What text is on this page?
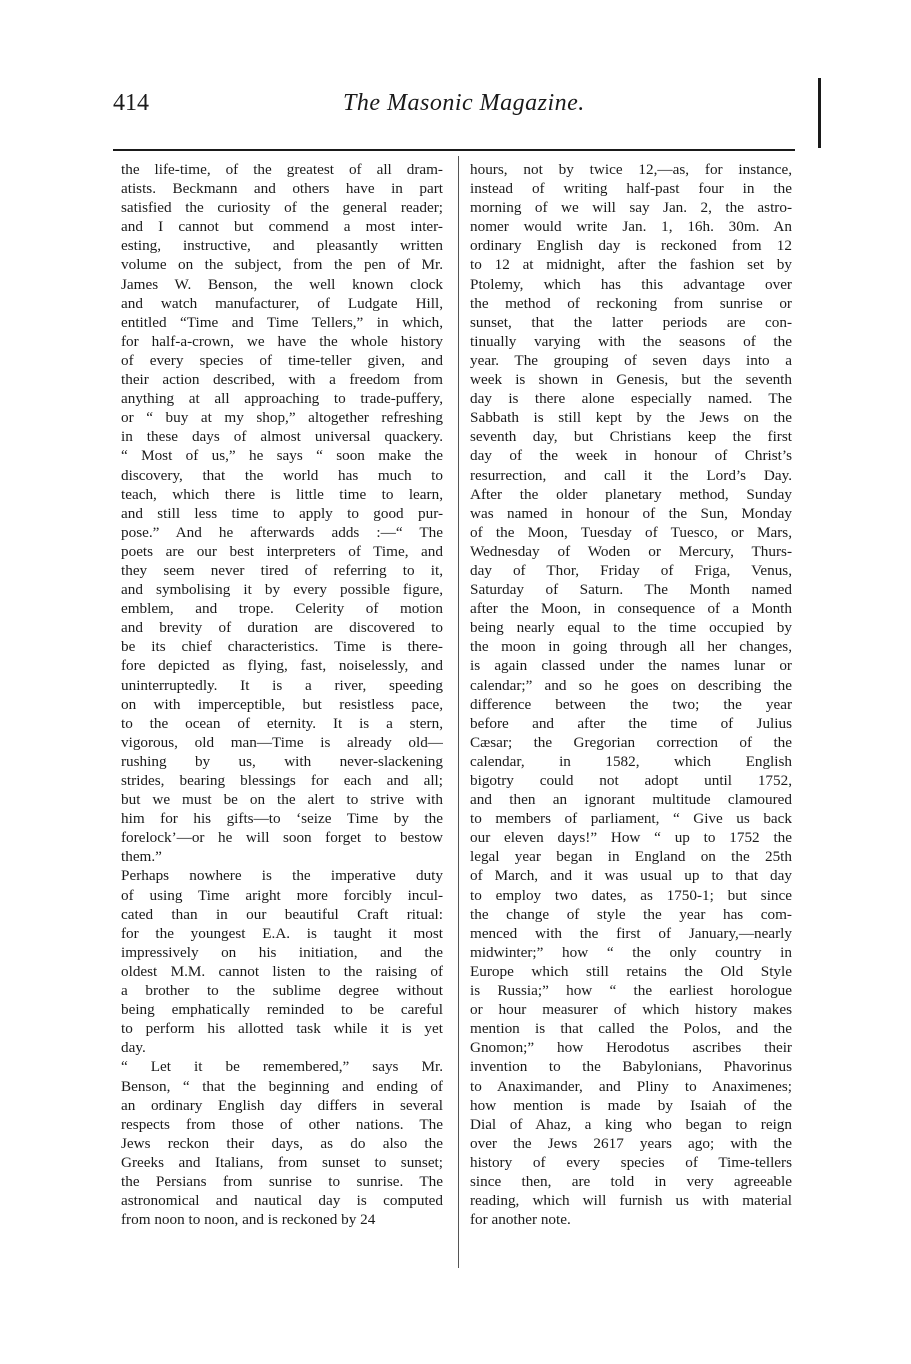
414	The Masonic Magazine.
the life-time, of the greatest of all dram-
atists. Beckmann and others have in part
satisfied the curiosity of the general reader;
and I cannot but commend a most inter-
esting, instructive, and pleasantly written
volume on the subject, from the pen of Mr.
James W. Benson, the well known clock
and watch manufacturer, of Ludgate Hill,
entitled “Time and Time Tellers,” in which,
for half-a-crown, we have the whole history
of every species of time-teller given, and
their action described, with a freedom from
anything at all approaching to trade-puffery,
or “ buy at my shop,” altogether refreshing
in these days of almost universal quackery.
“ Most of us,” he says “ soon make the
discovery, that the world has much to
teach, which there is little time to learn,
and still less time to apply to good pur-
pose.” And he afterwards adds :—“ The
poets are our best interpreters of Time, and
they seem never tired of referring to it,
and symbolising it by every possible figure,
emblem, and trope. Celerity of motion
and brevity of duration are discovered to
be its chief characteristics. Time is there-
fore depicted as flying, fast, noiselessly, and
uninterruptedly. It is a river, speeding
on with imperceptible, but resistless pace,
to the ocean of eternity. It is a stern,
vigorous, old man—Time is already old—
rushing by us, with never-slackening
strides, bearing blessings for each and all;
but we must be on the alert to strive with
him for his gifts—to ‘seize Time by the
forelock’—or he will soon forget to bestow
them.”
Perhaps nowhere is the imperative duty
of using Time aright more forcibly incul-
cated than in our beautiful Craft ritual:
for the youngest E.A. is taught it most
impressively on his initiation, and the
oldest M.M. cannot listen to the raising of
a brother to the sublime degree without
being emphatically reminded to be careful
to perform his allotted task while it is yet
day.
“ Let it be remembered,” says Mr.
Benson, “ that the beginning and ending of
an ordinary English day differs in several
respects from those of other nations. The
Jews reckon their days, as do also the
Greeks and Italians, from sunset to sunset;
the Persians from sunrise to sunrise. The
astronomical and nautical day is computed
from noon to noon, and is reckoned by 24
hours, not by twice 12,—as, for instance,
instead of writing half-past four in the
morning of we will say Jan. 2, the astro-
nomer would write Jan. 1, 16h. 30m. An
ordinary English day is reckoned from 12
to 12 at midnight, after the fashion set by
Ptolemy, which has this advantage over
the method of reckoning from sunrise or
sunset, that the latter periods are con-
tinually varying with the seasons of the
year. The grouping of seven days into a
week is shown in Genesis, but the seventh
day is there alone especially named. The
Sabbath is still kept by the Jews on the
seventh day, but Christians keep the first
day of the week in honour of Christ’s
resurrection, and call it the Lord’s Day.
After the older planetary method, Sunday
was named in honour of the Sun, Monday
of the Moon, Tuesday of Tuesco, or Mars,
Wednesday of Woden or Mercury, Thurs-
day of Thor, Friday of Friga, Venus,
Saturday of Saturn. The Month named
after the Moon, in consequence of a Month
being nearly equal to the time occupied by
the moon in going through all her changes,
is again classed under the names lunar or
calendar;” and so he goes on describing the
difference between the two; the year
before and after the time of Julius
Cæsar; the Gregorian correction of the
calendar, in 1582, which English
bigotry could not adopt until 1752,
and then an ignorant multitude clamoured
to members of parliament, “ Give us back
our eleven days!” How “ up to 1752 the
legal year began in England on the 25th
of March, and it was usual up to that day
to employ two dates, as 1750-1; but since
the change of style the year has com-
menced with the first of January,—nearly
midwinter;” how “ the only country in
Europe which still retains the Old Style
is Russia;” how “ the earliest horologue
or hour measurer of which history makes
mention is that called the Polos, and the
Gnomon;” how Herodotus ascribes their
invention to the Babylonians, Phavorinus
to Anaximander, and Pliny to Anaximenes;
how mention is made by Isaiah of the
Dial of Ahaz, a king who began to reign
over the Jews 2617 years ago; with the
history of every species of Time-tellers
since then, are told in very agreeable
reading, which will furnish us with material
for another note.
